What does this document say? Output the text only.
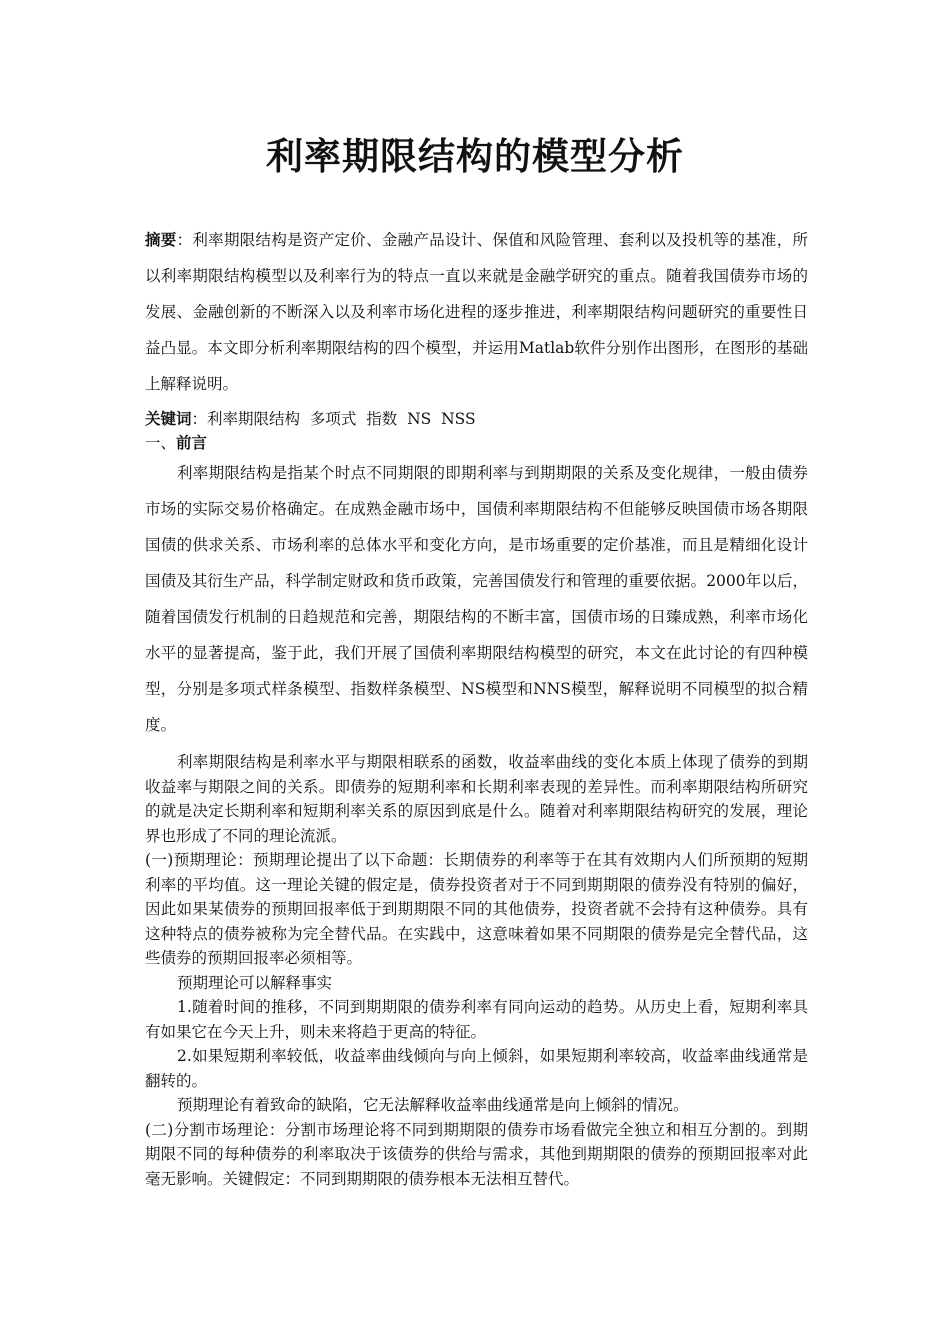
利率期限结构的模型分析

摘要：利率期限结构是资产定价、金融产品设计、保值和风险管理、套利以及投机等的基准，所以利率期限结构模型以及利率行为的特点一直以来就是金融学研究的重点。随着我国债券市场的发展、金融创新的不断深入以及利率市场化进程的逐步推进，利率期限结构问题研究的重要性日益凸显。本文即分析利率期限结构的四个模型，并运用Matlab软件分别作出图形，在图形的基础上解释说明。

关键词：利率期限结构  多项式  指数  NS  NSS

一、前言

利率期限结构是指某个时点不同期限的即期利率与到期期限的关系及变化规律，一般由债券市场的实际交易价格确定。在成熟金融市场中，国债利率期限结构不但能够反映国债市场各期限国债的供求关系、市场利率的总体水平和变化方向，是市场重要的定价基准，而且是精细化设计国债及其衍生产品，科学制定财政和货币政策，完善国债发行和管理的重要依据。2000年以后，随着国债发行机制的日趋规范和完善，期限结构的不断丰富，国债市场的日臻成熟，利率市场化水平的显著提高，鉴于此，我们开展了国债利率期限结构模型的研究，本文在此讨论的有四种模型，分别是多项式样条模型、指数样条模型、NS模型和NNS模型，解释说明不同模型的拟合精度。

利率期限结构是利率水平与期限相联系的函数，收益率曲线的变化本质上体现了债券的到期收益率与期限之间的关系。即债券的短期利率和长期利率表现的差异性。而利率期限结构所研究的就是决定长期利率和短期利率关系的原因到底是什么。随着对利率期限结构研究的发展，理论界也形成了不同的理论流派。

(一)预期理论：预期理论提出了以下命题：长期债券的利率等于在其有效期内人们所预期的短期利率的平均值。这一理论关键的假定是，债券投资者对于不同到期期限的债券没有特别的偏好，因此如果某债券的预期回报率低于到期期限不同的其他债券，投资者就不会持有这种债券。具有这种特点的债券被称为完全替代品。在实践中，这意味着如果不同期限的债券是完全替代品，这些债券的预期回报率必须相等。

预期理论可以解释事实

1.随着时间的推移，不同到期期限的债券利率有同向运动的趋势。从历史上看，短期利率具有如果它在今天上升，则未来将趋于更高的特征。

2.如果短期利率较低，收益率曲线倾向与向上倾斜，如果短期利率较高，收益率曲线通常是翻转的。

预期理论有着致命的缺陷，它无法解释收益率曲线通常是向上倾斜的情况。

(二)分割市场理论：分割市场理论将不同到期期限的债券市场看做完全独立和相互分割的。到期期限不同的每种债券的利率取决于该债券的供给与需求，其他到期期限的债券的预期回报率对此毫无影响。关键假定：不同到期期限的债券根本无法相互替代。
